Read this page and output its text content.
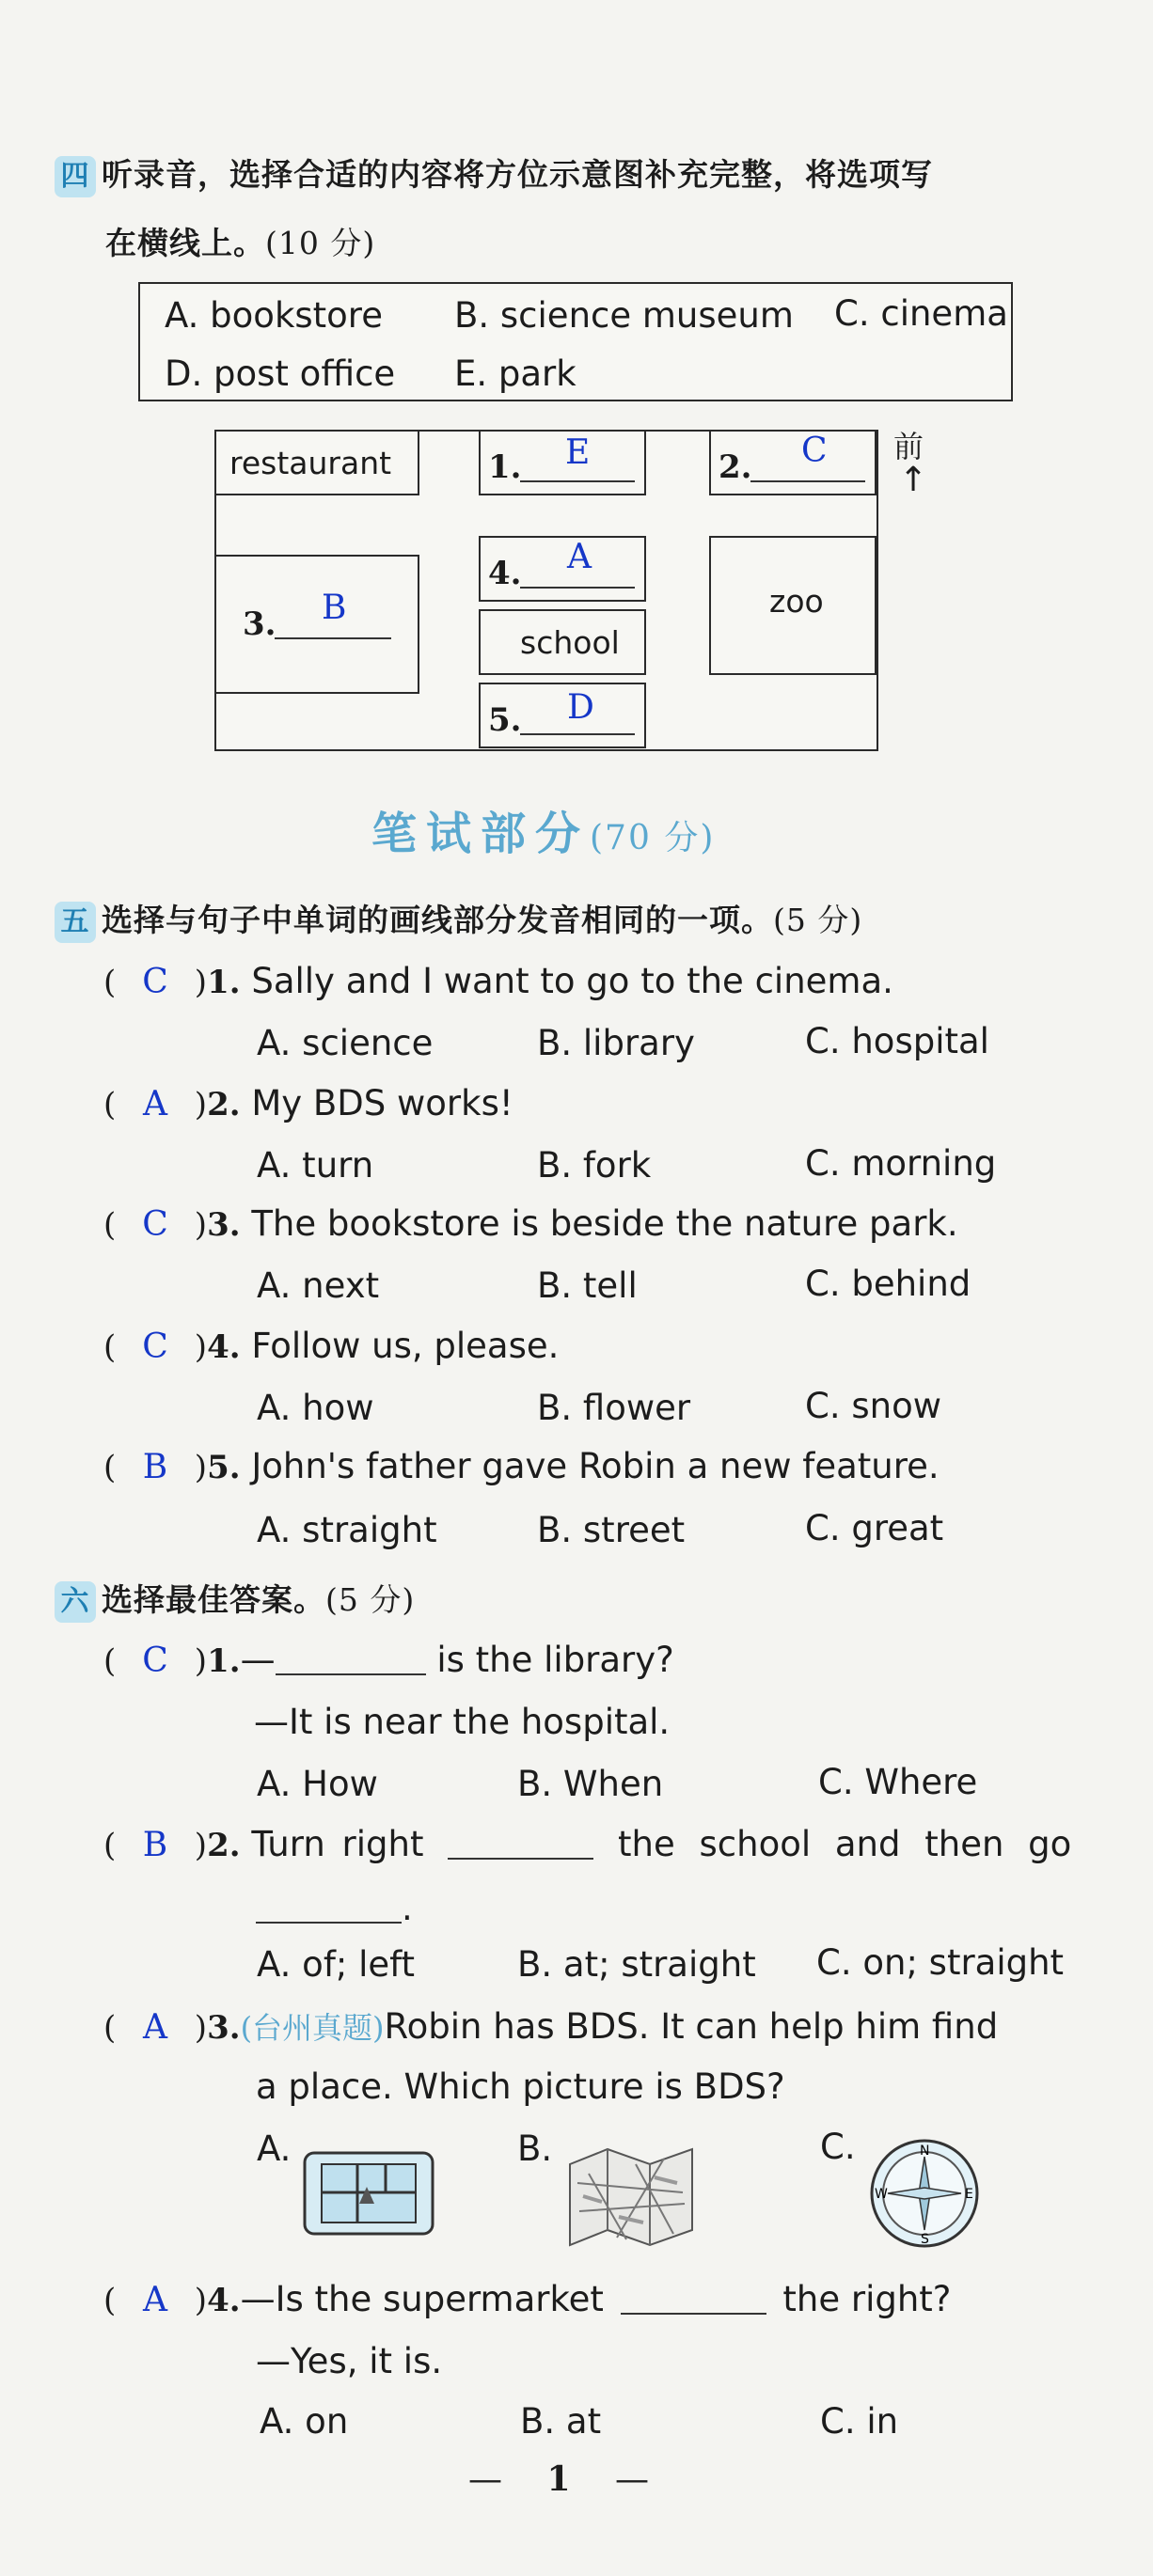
四 听录音，选择合适的内容将方位示意图补充完整，将选项写
在横线上。(10 分)
A. bookstore B. science museum C. cinema
D. post office E. park
restaurant	1. E	2. C 前
↑
3. B
4. A
school
5. D
zoo
笔试部分(70 分)
五 选择与句子中单词的画线部分发音相同的一项。(5 分)
( C )1. Sally and I want to go to the cinema.
A. science	B. library	C. hospital
( A )2. My BDS works!
A. turn	B. fork	C. morning
( C )3. The bookstore is beside the nature park.
A. next	B. tell	C. behind
( C )4. Follow us, please.
A. how	B. flower	C. snow
( B )5. John's father gave Robin a new feature.
A. straight	B. street	C. great
六 选择最佳答案。(5 分)
( C )1.—	is the library?
—It is near the hospital.
A. How	B. When	C. Where
( B )2. Turn right	the school and then go
.
A. of; left	B. at; straight C. on; straight
( A )3.(台州真题)Robin has BDS. It can help him find
a place. Which picture is BDS?
A.	B.	C.	N
S
W	E
( A )4.—Is the supermarket	the right?
—Yes, it is.
A. on	B. at	C. in
— 1 —
